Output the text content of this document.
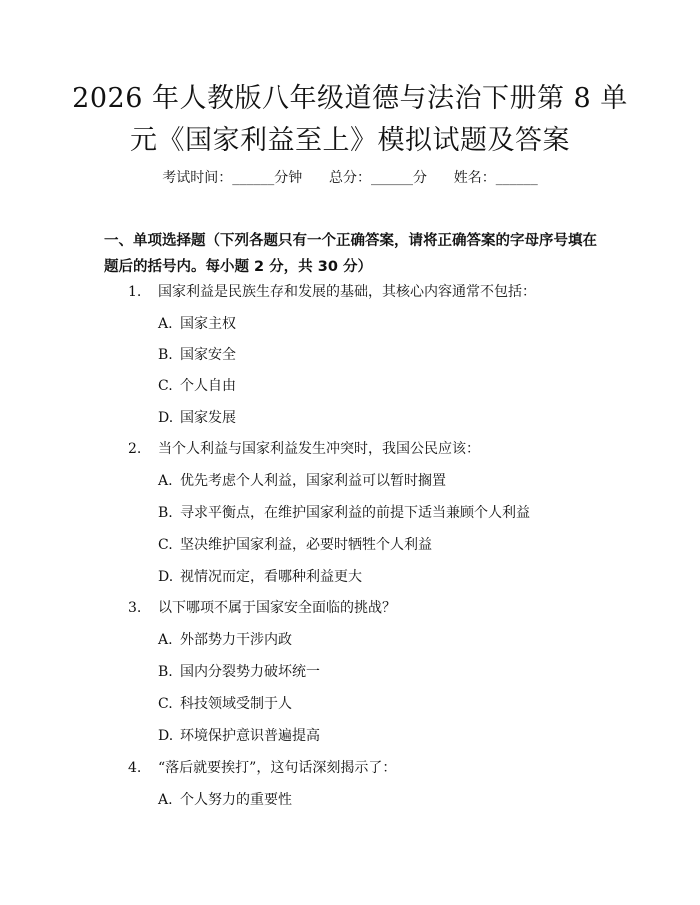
2026 年人教版八年级道德与法治下册第 8 单
元《国家利益至上》模拟试题及答案
考试时间：______分钟      总分：______分      姓名：______
一、单项选择题（下列各题只有一个正确答案，请将正确答案的字母序号填在题后的括号内。每小题 2 分，共 30 分）
1. 国家利益是民族生存和发展的基础，其核心内容通常不包括：
A. 国家主权
B. 国家安全
C. 个人自由
D. 国家发展
2. 当个人利益与国家利益发生冲突时，我国公民应该：
A. 优先考虑个人利益，国家利益可以暂时搁置
B. 寻求平衡点，在维护国家利益的前提下适当兼顾个人利益
C. 坚决维护国家利益，必要时牺牲个人利益
D. 视情况而定，看哪种利益更大
3. 以下哪项不属于国家安全面临的挑战？
A. 外部势力干涉内政
B. 国内分裂势力破坏统一
C. 科技领域受制于人
D. 环境保护意识普遍提高
4. “落后就要挨打”，这句话深刻揭示了：
A. 个人努力的重要性
